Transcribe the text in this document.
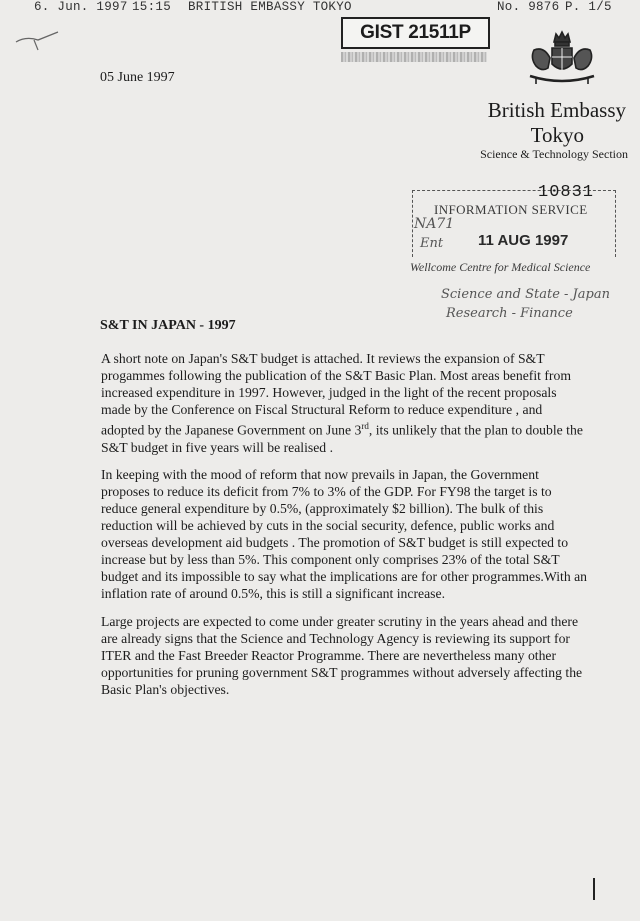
6. Jun. 1997 15:15 BRITISH EMBASSY TOKYO	No. 9876 P. 1/5
GIST 21511P
05 June 1997
British Embassy
Tokyo
Science & Technology Section
10831
INFORMATION SERVICE
11 AUG 1997
Wellcome Centre for Medical Science
NA71
Ent
Science and State - Japan
Research - Finance
S&T IN JAPAN - 1997

A short note on Japan's S&T budget is attached. It reviews the expansion of S&T

progammes following the publication of the S&T Basic Plan. Most areas benefit from

increased expenditure in 1997. However, judged in the light of the recent proposals

made by the Conference on Fiscal Structural Reform to reduce expenditure , and

adopted by the Japanese Government on June 3rd, its unlikely that the plan to double the

S&T budget in five years will be realised .

In keeping with the mood of reform that now prevails in Japan, the Government

proposes to reduce its deficit from 7% to 3% of the GDP. For FY98 the target is to

reduce general expenditure by 0.5%, (approximately $2 billion). The bulk of this

reduction will be achieved by cuts in the social security, defence, public works and

overseas development aid budgets . The promotion of S&T budget is still expected to

increase but by less than 5%. This component only comprises 23% of the total S&T

budget and its impossible to say what the implications are for other programmes.With an

inflation rate of around 0.5%, this is still a significant increase.

Large projects are expected to come under greater scrutiny in the years ahead and there

are already signs that the Science and Technology Agency is reviewing its support for

ITER and the Fast Breeder Reactor Programme. There are nevertheless many other

opportunities for pruning government S&T programmes without adversely affecting the

Basic Plan's objectives.
